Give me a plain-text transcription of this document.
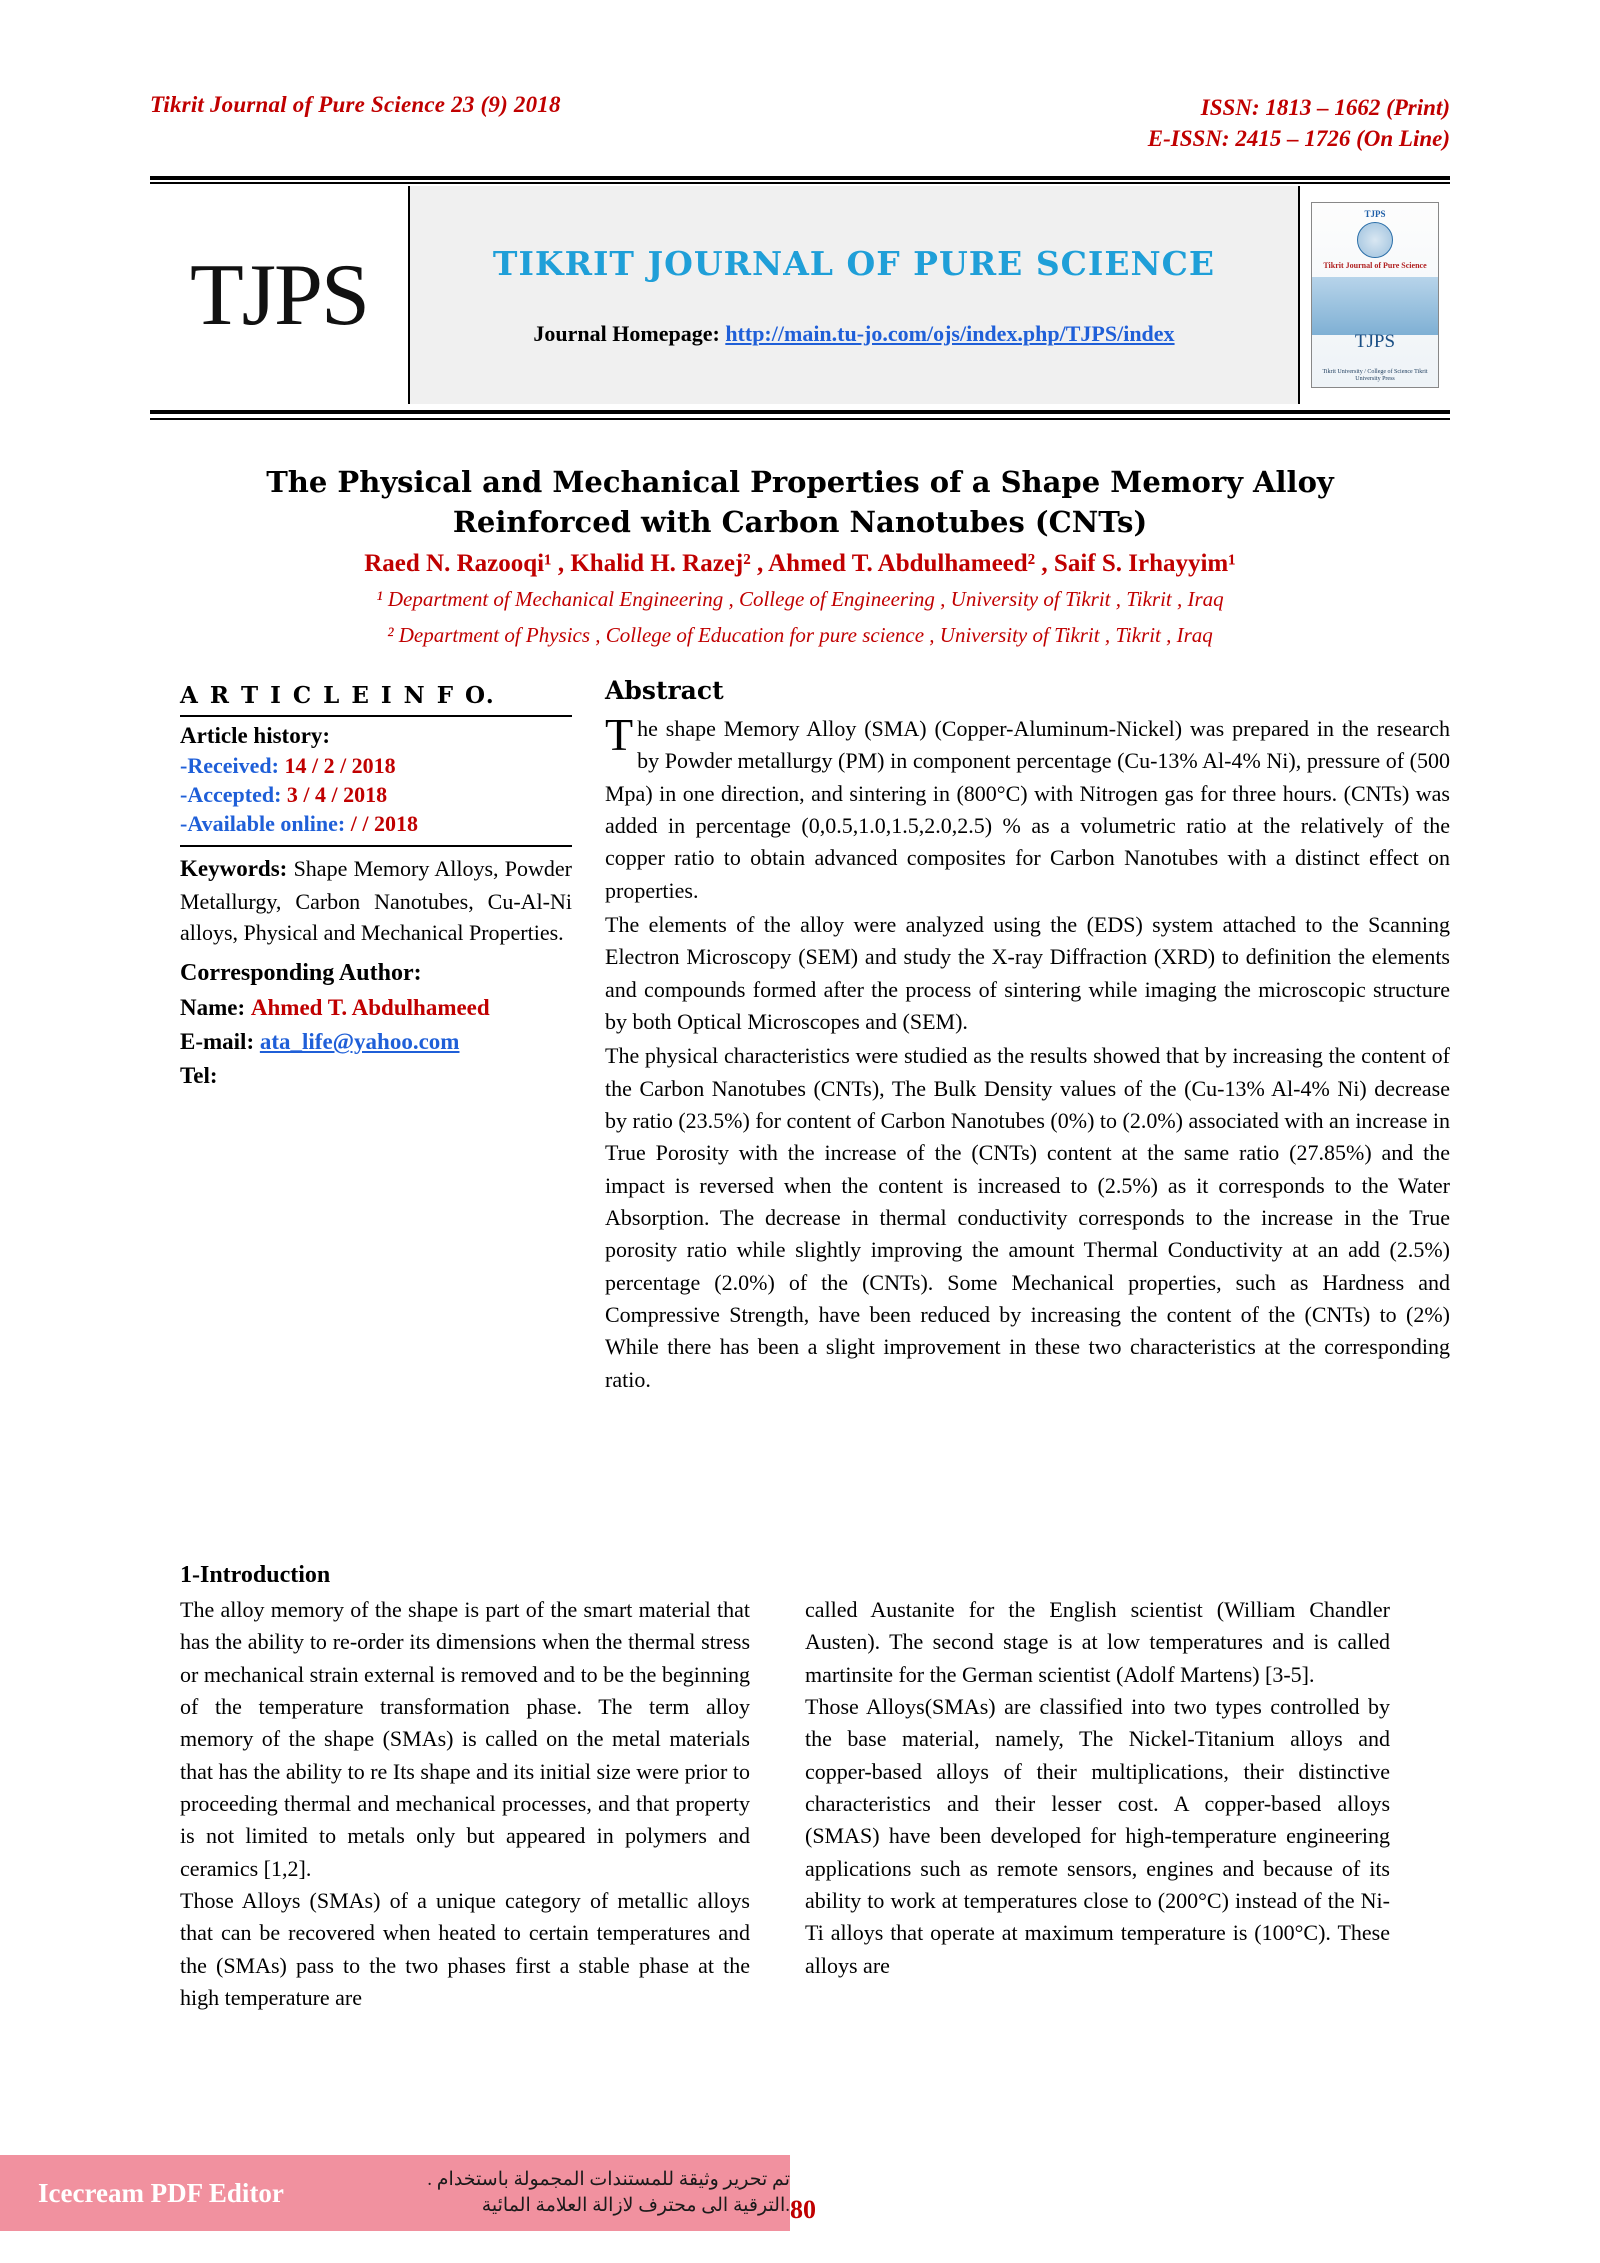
Tikrit Journal of Pure Science 23 (9) 2018	ISSN: 1813 – 1662 (Print)
E-ISSN: 2415 – 1726 (On Line)
TJPS	TIKRIT JOURNAL OF PURE SCIENCE
Journal Homepage: http://main.tu-jo.com/ojs/index.php/TJPS/index
TJPS
Tikrit Journal of Pure Science
TJPS
Tikrit University / College of Science Tikrit University Press
The Physical and Mechanical Properties of a Shape Memory Alloy
Reinforced with Carbon Nanotubes (CNTs)
Raed N. Razooqi¹ , Khalid H. Razej² , Ahmed T. Abdulhameed² , Saif S. Irhayyim¹
¹ Department of Mechanical Engineering , College of Engineering , University of Tikrit , Tikrit , Iraq
² Department of Physics , College of Education for pure science , University of Tikrit , Tikrit , Iraq
A R T I C L E I N F O.
Article history:
-Received: 14 / 2 / 2018
-Accepted: 3 / 4 / 2018
-Available online: / / 2018
Keywords: Shape Memory Alloys, Powder Metallurgy, Carbon Nanotubes, Cu-Al-Ni alloys, Physical and Mechanical Properties.
Corresponding Author:
Name: Ahmed T. Abdulhameed
E-mail: ata_life@yahoo.com
Tel:
Abstract

The shape Memory Alloy (SMA) (Copper-Aluminum-Nickel) was prepared in the research by Powder metallurgy (PM) in component percentage (Cu-13% Al-4% Ni), pressure of (500 Mpa) in one direction, and sintering in (800°C) with Nitrogen gas for three hours. (CNTs) was added in percentage (0,0.5,1.0,1.5,2.0,2.5) % as a volumetric ratio at the relatively of the copper ratio to obtain advanced composites for Carbon Nanotubes with a distinct effect on properties.

The elements of the alloy were analyzed using the (EDS) system attached to the Scanning Electron Microscopy (SEM) and study the X-ray Diffraction (XRD) to definition the elements and compounds formed after the process of sintering while imaging the microscopic structure by both Optical Microscopes and (SEM).

The physical characteristics were studied as the results showed that by increasing the content of the Carbon Nanotubes (CNTs), The Bulk Density values of the (Cu-13% Al-4% Ni) decrease by ratio (23.5%) for content of Carbon Nanotubes (0%) to (2.0%) associated with an increase in True Porosity with the increase of the (CNTs) content at the same ratio (27.85%) and the impact is reversed when the content is increased to (2.5%) as it corresponds to the Water Absorption. The decrease in thermal conductivity corresponds to the increase in the True porosity ratio while slightly improving the amount Thermal Conductivity at an add (2.5%) percentage (2.0%) of the (CNTs). Some Mechanical properties, such as Hardness and Compressive Strength, have been reduced by increasing the content of the (CNTs) to (2%) While there has been a slight improvement in these two characteristics at the corresponding ratio.

1-Introduction

The alloy memory of the shape is part of the smart material that has the ability to re-order its dimensions when the thermal stress or mechanical strain external is removed and to be the beginning of the temperature transformation phase. The term alloy memory of the shape (SMAs) is called on the metal materials that has the ability to re Its shape and its initial size were prior to proceeding thermal and mechanical processes, and that property is not limited to metals only but appeared in polymers and ceramics [1,2].

Those Alloys (SMAs) of a unique category of metallic alloys that can be recovered when heated to certain temperatures and the (SMAs) pass to the two phases first a stable phase at the high temperature are

called Austanite for the English scientist (William Chandler Austen). The second stage is at low temperatures and is called martinsite for the German scientist (Adolf Martens) [3-5].

Those Alloys(SMAs) are classified into two types controlled by the base material, namely, The Nickel-Titanium alloys and copper-based alloys of their multiplications, their distinctive characteristics and their lesser cost. A copper-based alloys (SMAS) have been developed for high-temperature engineering applications such as remote sensors, engines and because of its ability to work at temperatures close to (200°C) instead of the Ni-Ti alloys that operate at maximum temperature is (100°C). These alloys are

Icecream PDF Editor	تم تحرير وثيقة للمستندات المجمولة باستخدام .
.الترقية الى محترف لازالة العلامة المائية 80
